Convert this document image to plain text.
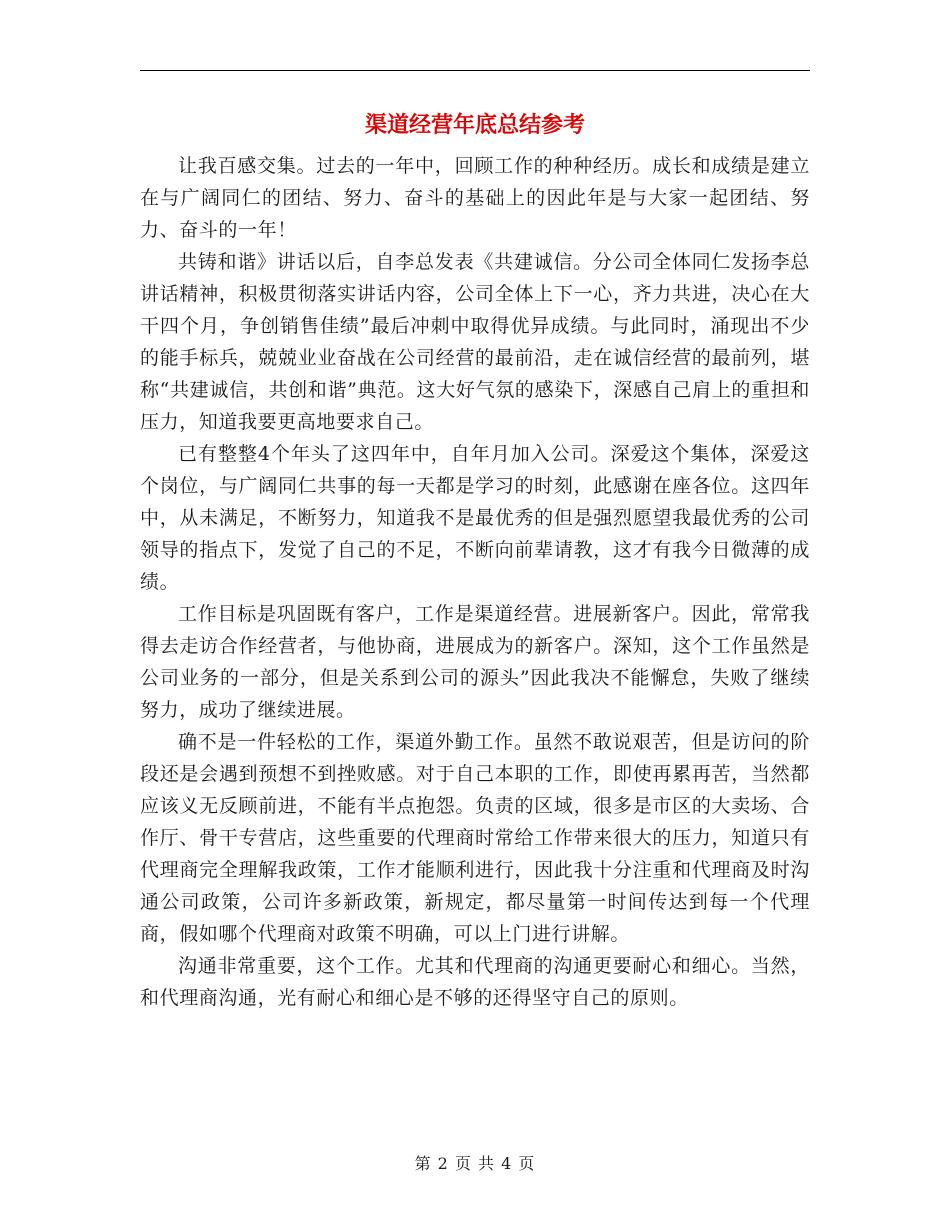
渠道经营年底总结参考

让我百感交集。过去的一年中，回顾工作的种种经历。成长和成绩是建立在与广阔同仁的团结、努力、奋斗的基础上的因此年是与大家一起团结、努力、奋斗的一年！

共铸和谐》讲话以后，自李总发表《共建诚信。分公司全体同仁发扬李总讲话精神，积极贯彻落实讲话内容，公司全体上下一心，齐力共进，决心在大干四个月，争创销售佳绩”最后冲刺中取得优异成绩。与此同时，涌现出不少的能手标兵，兢兢业业奋战在公司经营的最前沿，走在诚信经营的最前列，堪称“共建诚信，共创和谐”典范。这大好气氛的感染下，深感自己肩上的重担和压力，知道我要更高地要求自己。

已有整整4个年头了这四年中，自年月加入公司。深爱这个集体，深爱这个岗位，与广阔同仁共事的每一天都是学习的时刻，此感谢在座各位。这四年中，从未满足，不断努力，知道我不是最优秀的但是强烈愿望我最优秀的公司领导的指点下，发觉了自己的不足，不断向前辈请教，这才有我今日微薄的成绩。

工作目标是巩固既有客户，工作是渠道经营。进展新客户。因此，常常我得去走访合作经营者，与他协商，进展成为的新客户。深知，这个工作虽然是公司业务的一部分，但是关系到公司的源头”因此我决不能懈怠，失败了继续努力，成功了继续进展。

确不是一件轻松的工作，渠道外勤工作。虽然不敢说艰苦，但是访问的阶段还是会遇到预想不到挫败感。对于自己本职的工作，即使再累再苦，当然都应该义无反顾前进，不能有半点抱怨。负责的区域，很多是市区的大卖场、合作厅、骨干专营店，这些重要的代理商时常给工作带来很大的压力，知道只有代理商完全理解我政策，工作才能顺利进行，因此我十分注重和代理商及时沟通公司政策，公司许多新政策，新规定，都尽量第一时间传达到每一个代理商，假如哪个代理商对政策不明确，可以上门进行讲解。

沟通非常重要，这个工作。尤其和代理商的沟通更要耐心和细心。当然，和代理商沟通，光有耐心和细心是不够的还得坚守自己的原则。

第 2 页 共 4 页
